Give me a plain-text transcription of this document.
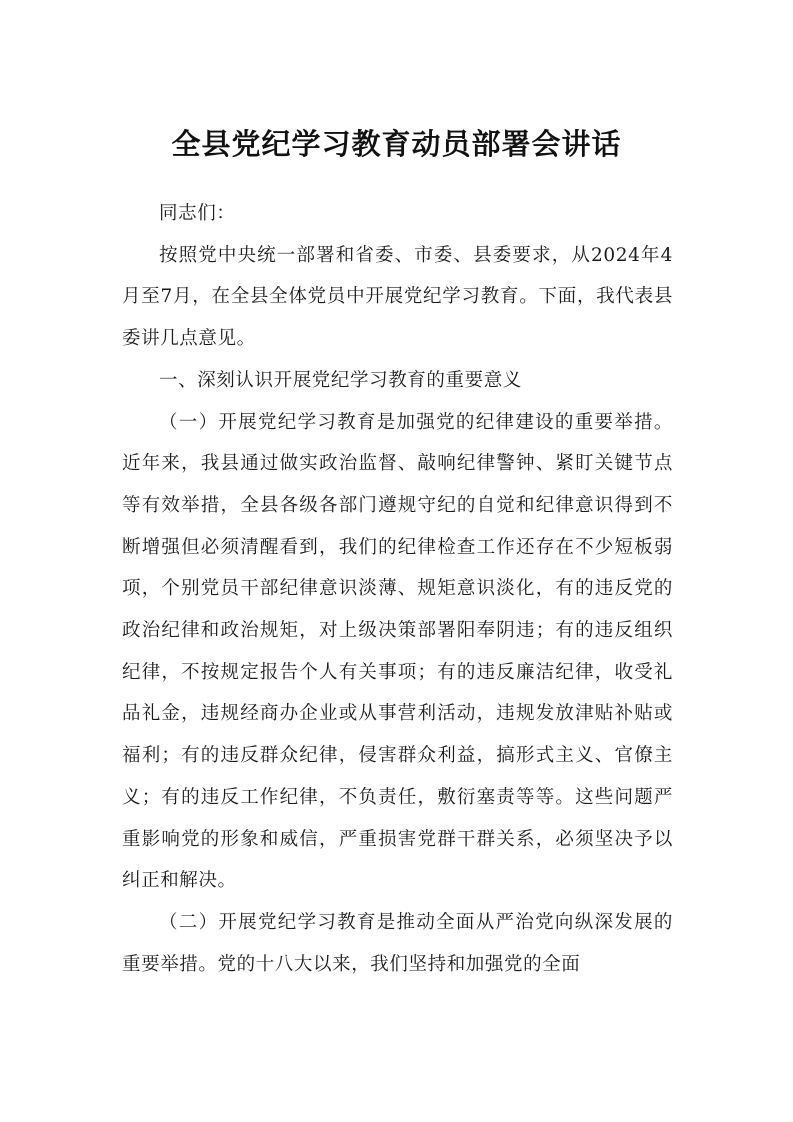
全县党纪学习教育动员部署会讲话

同志们：

按照党中央统一部署和省委、市委、县委要求，从2024年4月至7月，在全县全体党员中开展党纪学习教育。下面，我代表县委讲几点意见。

一、深刻认识开展党纪学习教育的重要意义

（一）开展党纪学习教育是加强党的纪律建设的重要举措。近年来，我县通过做实政治监督、敲响纪律警钟、紧盯关键节点等有效举措，全县各级各部门遵规守纪的自觉和纪律意识得到不断增强但必须清醒看到，我们的纪律检查工作还存在不少短板弱项，个别党员干部纪律意识淡薄、规矩意识淡化，有的违反党的政治纪律和政治规矩，对上级决策部署阳奉阴违；有的违反组织纪律，不按规定报告个人有关事项；有的违反廉洁纪律，收受礼品礼金，违规经商办企业或从事营利活动，违规发放津贴补贴或福利；有的违反群众纪律，侵害群众利益，搞形式主义、官僚主义；有的违反工作纪律，不负责任，敷衍塞责等等。这些问题严重影响党的形象和威信，严重损害党群干群关系，必须坚决予以纠正和解决。

（二）开展党纪学习教育是推动全面从严治党向纵深发展的重要举措。党的十八大以来，我们坚持和加强党的全面
